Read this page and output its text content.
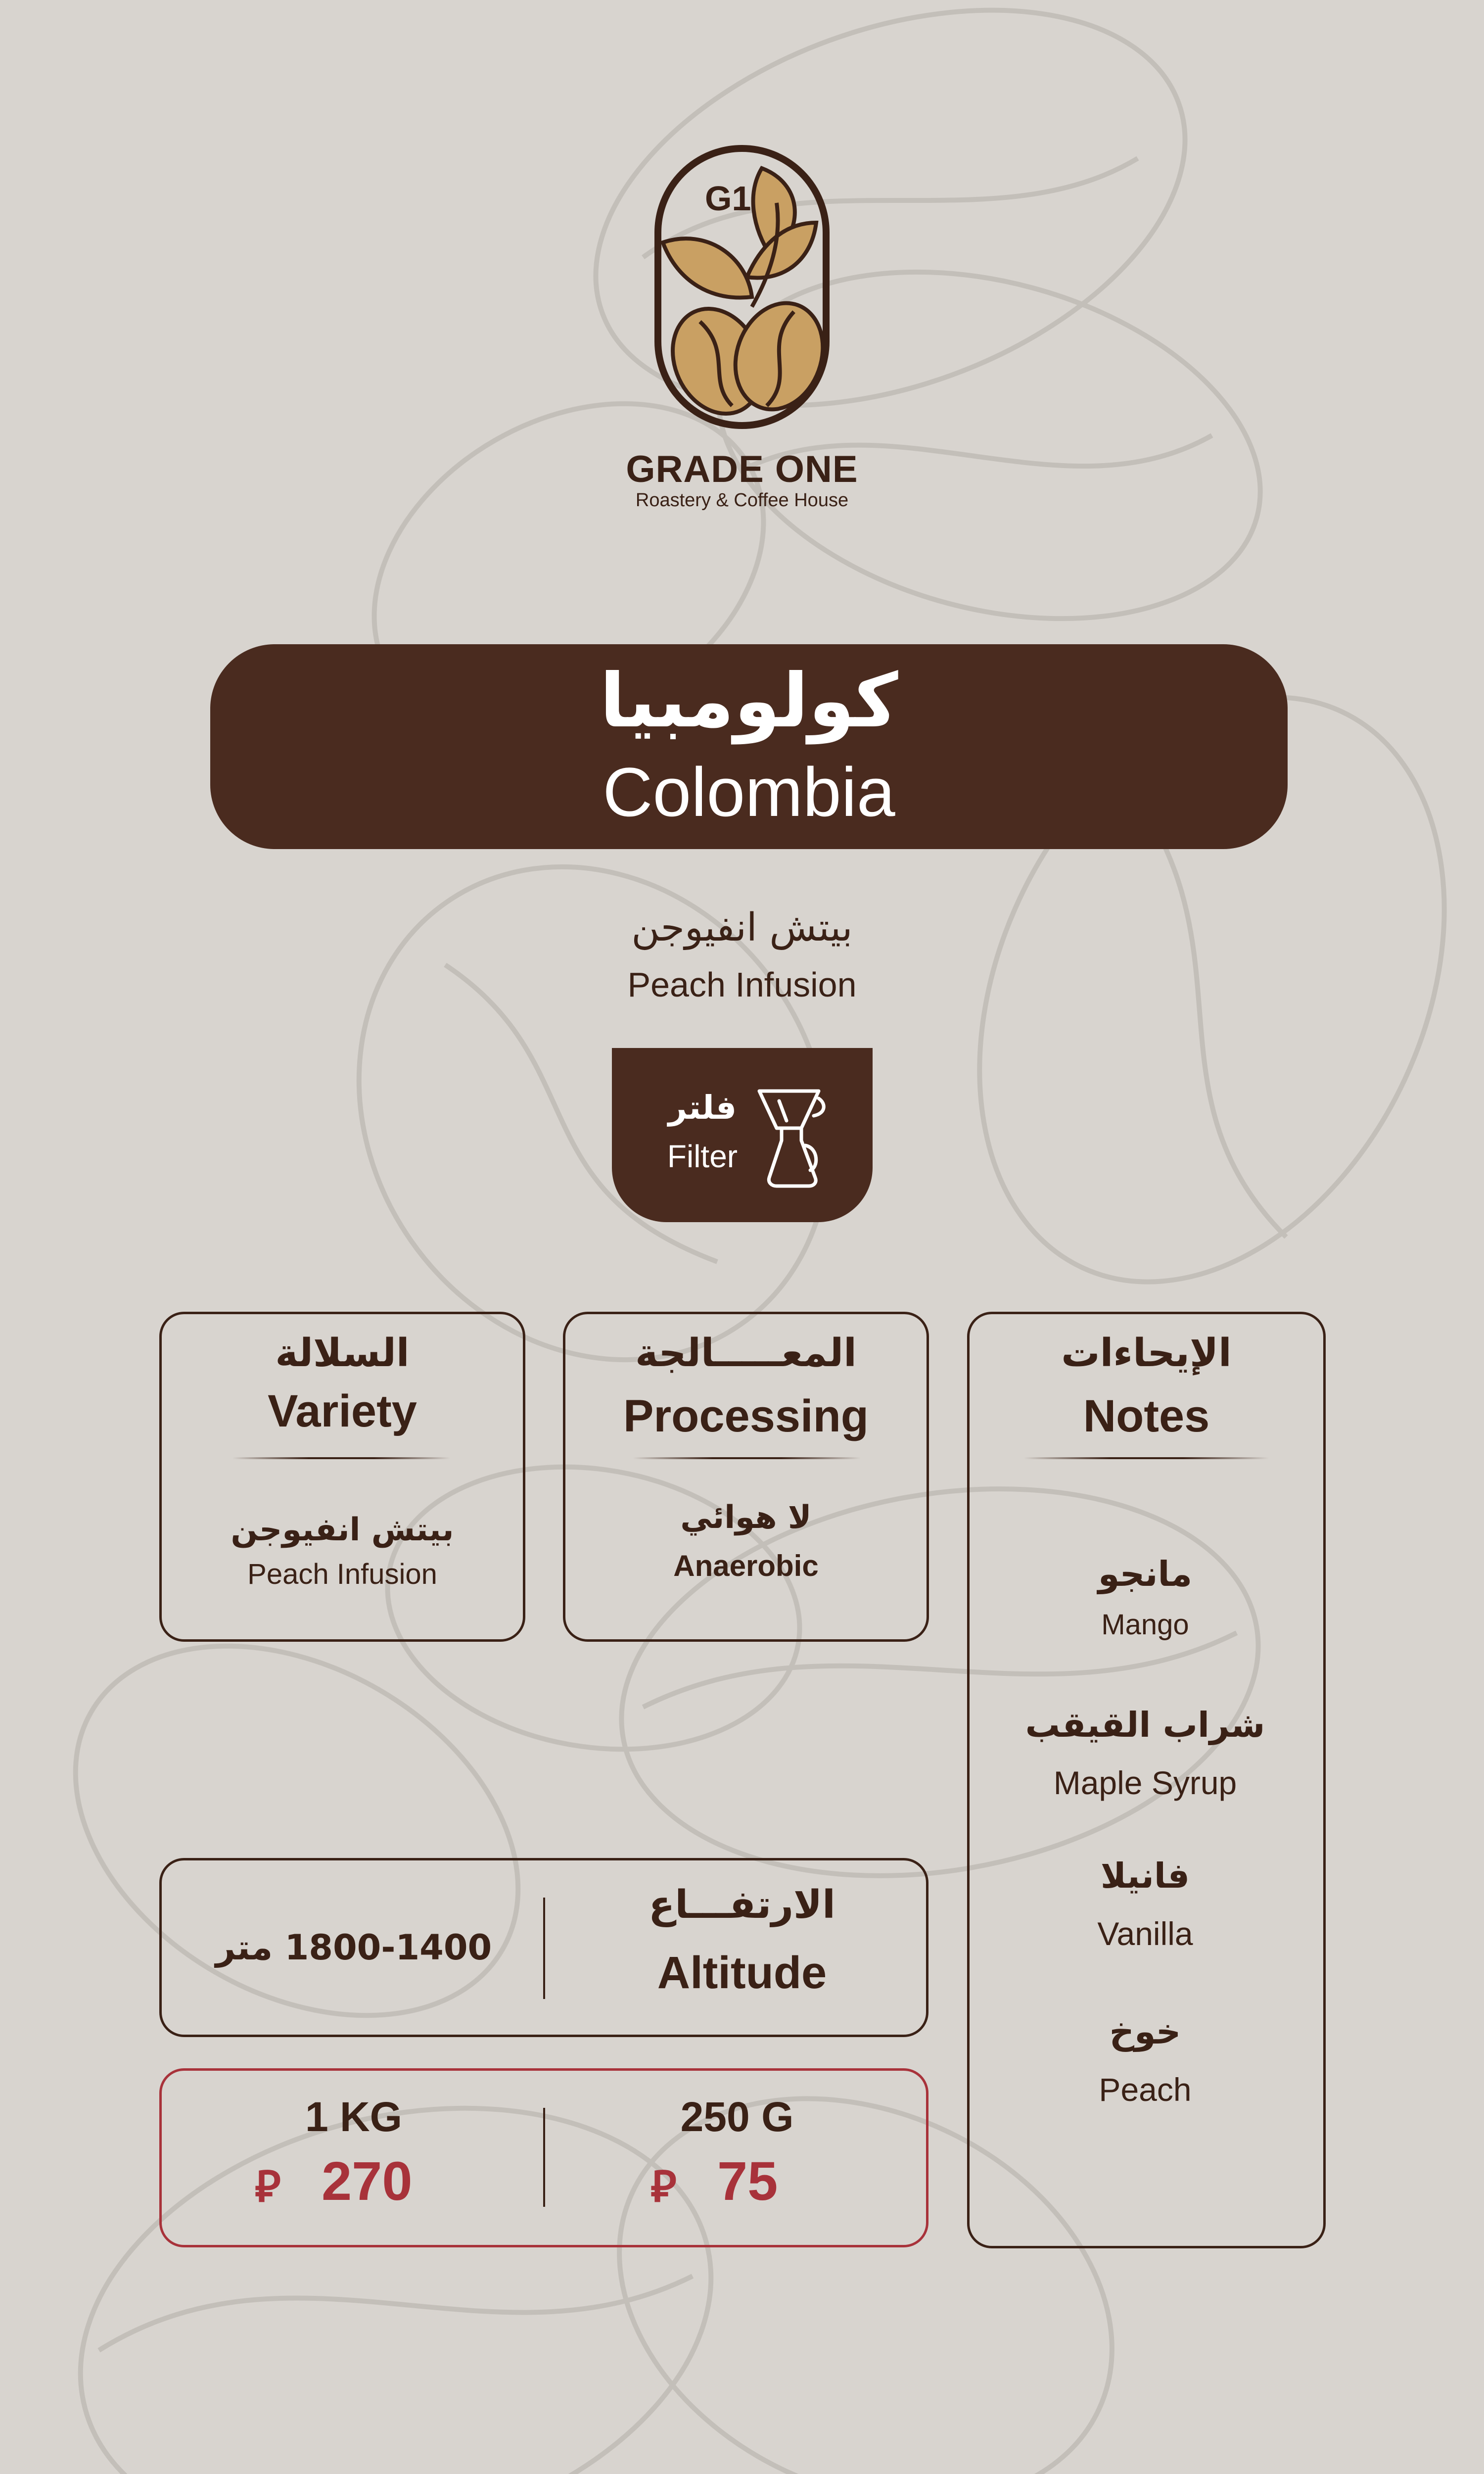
G1
GRADE ONE
Roastery & Coffee House
كولومبيا
Colombia
بيتش انفيوجن
Peach Infusion
فلتر
Filter
السلالة
Variety
بيتش انفيوجن
Peach Infusion
المعـــــالجة
Processing
لا هوائي
Anaerobic
الإيحاءات
Notes
مانجو
Mango
شراب القيقب
Maple Syrup
فانيلا
Vanilla
خوخ
Peach
1800-1400 متر
الارتفـــاع
Altitude
1 KG
⃁ 270
250 G
⃁ 75
